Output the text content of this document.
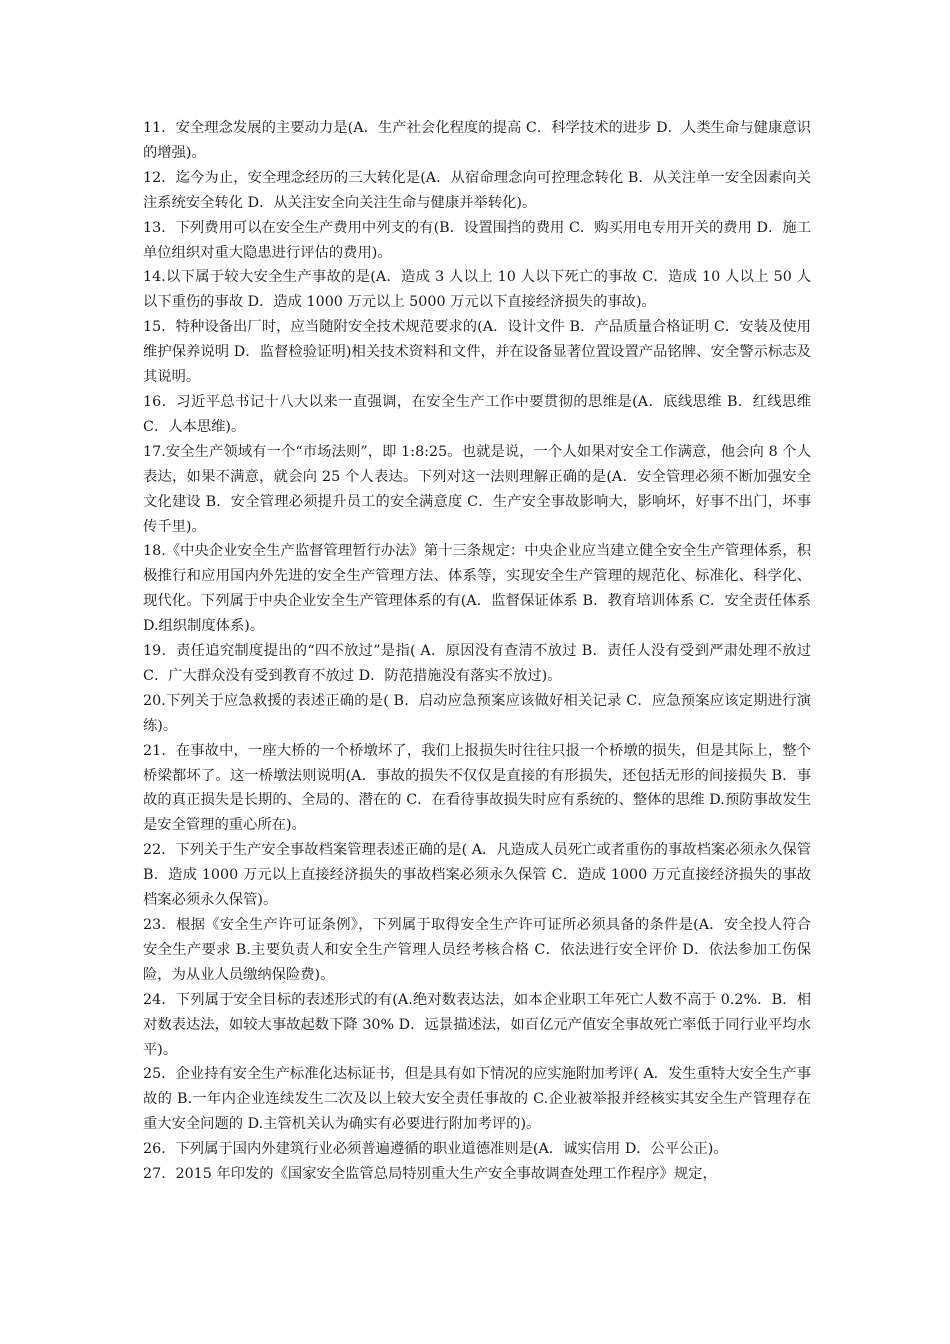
11．安全理念发展的主要动力是(A．生产社会化程度的提高 C．科学技术的进步 D．人类生命与健康意识的增强)。

12．迄今为止，安全理念经历的三大转化是(A．从宿命理念向可控理念转化 B．从关注单一安全因素向关注系统安全转化 D．从关注安全向关注生命与健康并举转化)。

13．下列费用可以在安全生产费用中列支的有(B．设置围挡的费用 C．购买用电专用开关的费用 D．施工单位组织对重大隐患进行评估的费用)。

14.以下属于较大安全生产事故的是(A．造成 3 人以上 10 人以下死亡的事故 C．造成 10 人以上 50 人以下重伤的事故 D．造成 1000 万元以上 5000 万元以下直接经济损失的事故)。

15．特种设备出厂时，应当随附安全技术规范要求的(A．设计文件 B．产品质量合格证明 C．安装及使用维护保养说明 D．监督检验证明)相关技术资料和文件，并在设备显著位置设置产品铭牌、安全警示标志及其说明。

16．习近平总书记十八大以来一直强调，在安全生产工作中要贯彻的思维是(A．底线思维 B．红线思维 C．人本思维)。

17.安全生产领域有一个“市场法则”，即 1:8:25。也就是说，一个人如果对安全工作满意，他会向 8 个人表达，如果不满意，就会向 25 个人表达。下列对这一法则理解正确的是(A．安全管理必须不断加强安全文化建设 B．安全管理必须提升员工的安全满意度 C．生产安全事故影响大，影响坏，好事不出门，坏事传千里)。

18.《中央企业安全生产监督管理暂行办法》第十三条规定：中央企业应当建立健全安全生产管理体系，积极推行和应用国内外先进的安全生产管理方法、体系等，实现安全生产管理的规范化、标准化、科学化、现代化。下列属于中央企业安全生产管理体系的有(A．监督保证体系 B．教育培训体系 C．安全责任体系 D.组织制度体系)。

19．责任追究制度提出的“四不放过”是指( A．原因没有查清不放过 B．责任人没有受到严肃处理不放过 C．广大群众没有受到教育不放过 D．防范措施没有落实不放过)。

20.下列关于应急救援的表述正确的是( B．启动应急预案应该做好相关记录 C．应急预案应该定期进行演练)。

21．在事故中，一座大桥的一个桥墩坏了，我们上报损失时往往只报一个桥墩的损失，但是其际上，整个桥梁都坏了。这一桥墩法则说明(A．事故的损失不仅仅是直接的有形损失，还包括无形的间接损失 B．事故的真正损失是长期的、全局的、潜在的 C．在看待事故损失时应有系统的、整体的思维 D.预防事故发生是安全管理的重心所在)。

22．下列关于生产安全事故档案管理表述正确的是( A．凡造成人员死亡或者重伤的事故档案必须永久保管 B．造成 1000 万元以上直接经济损失的事故档案必须永久保管 C．造成 1000 万元直接经济损失的事故档案必须永久保管)。

23．根据《安全生产许可证条例》，下列属于取得安全生产许可证所必须具备的条件是(A．安全投人符合安全生产要求 B.主要负责人和安全生产管理人员经考核合格 C．依法进行安全评价 D．依法参加工伤保险，为从业人员缴纳保险费)。

24．下列属于安全目标的表述形式的有(A.绝对数表达法，如本企业职工年死亡人数不高于 0.2%．B．相对数表达法，如较大事故起数下降 30% D．远景描述法，如百亿元产值安全事故死亡率低于同行业平均水平)。

25．企业持有安全生产标准化达标证书，但是具有如下情况的应实施附加考评( A．发生重特大安全生产事故的 B.一年内企业连续发生二次及以上较大安全责任事故的 C.企业被举报并经核实其安全生产管理存在重大安全问题的 D.主管机关认为确实有必要进行附加考评的)。

26．下列属于国内外建筑行业必须普遍遵循的职业道德准则是(A．诚实信用 D．公平公正)。

27．2015 年印发的《国家安全监管总局特别重大生产安全事故调查处理工作程序》规定，
